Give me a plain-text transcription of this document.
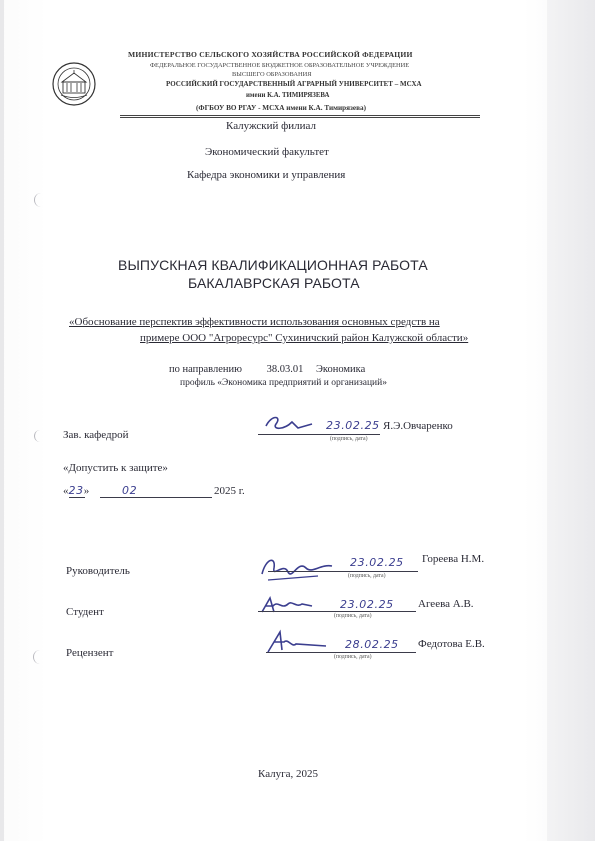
МИНИСТЕРСТВО СЕЛЬСКОГО ХОЗЯЙСТВА РОССИЙСКОЙ ФЕДЕРАЦИИ
ФЕДЕРАЛЬНОЕ ГОСУДАРСТВЕННОЕ БЮДЖЕТНОЕ ОБРАЗОВАТЕЛЬНОЕ УЧРЕЖДЕНИЕ
ВЫСШЕГО ОБРАЗОВАНИЯ
РОССИЙСКИЙ ГОСУДАРСТВЕННЫЙ АГРАРНЫЙ УНИВЕРСИТЕТ – МСХА
имени К.А. ТИМИРЯЗЕВА
(ФГБОУ ВО РГАУ - МСХА имени К.А. Тимирязева)
Калужский филиал
Экономический факультет
Кафедра экономики и управления
ВЫПУСКНАЯ КВАЛИФИКАЦИОННАЯ РАБОТА
БАКАЛАВРСКАЯ РАБОТА
«Обоснование перспектив эффективности использования основных средств на
примере ООО "Агроресурс" Сухиничский район Калужской области»
по направлению 38.03.01 Экономика
профиль «Экономика предприятий и организаций»
Зав. кафедрой
23.02.25
(подпись, дата)
Я.Э.Овчаренко
«Допустить к защите»
«23»	02	2025 г.
Руководитель
23.02.25
(подпись, дата)
Гореева Н.М.
Студент
23.02.25
(подпись, дата)
Агеева А.В.
Рецензент
28.02.25
(подпись, дата)
Федотова Е.В.
Калуга, 2025
